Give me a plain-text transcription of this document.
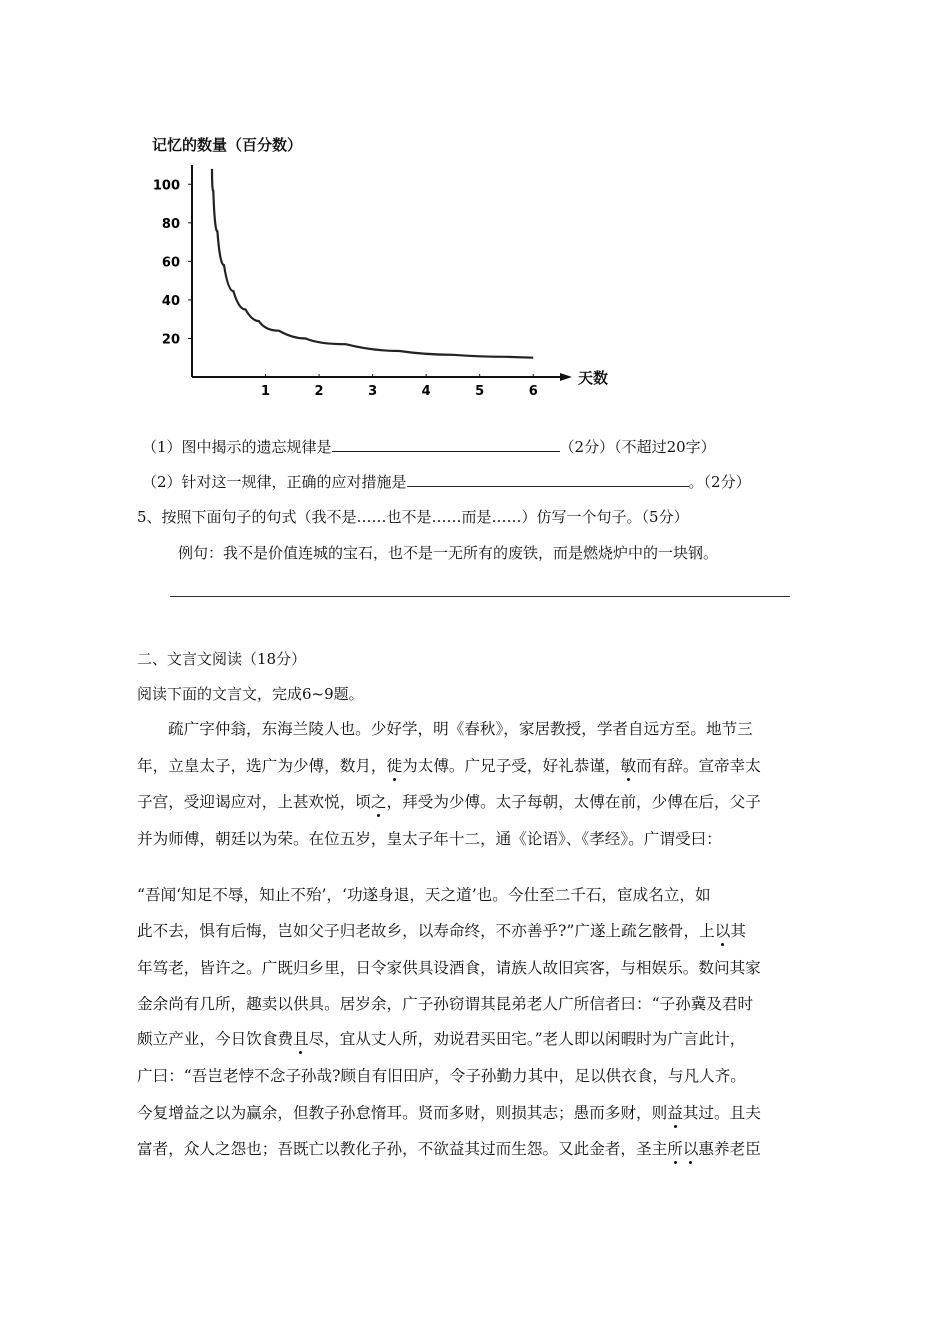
记忆的数量（百分数）
天数
100
80
60
40
20
1	2	3	4	5	6
（1）图中揭示的遗忘规律是	（2分）（不超过20字）
（2）针对这一规律，正确的应对措施是	。（2分）
5、按照下面句子的句式（我不是……也不是……而是……）仿写一个句子。（5分）
例句：我不是价值连城的宝石，也不是一无所有的废铁，而是燃烧炉中的一块钢。
二、文言文阅读（18分）
阅读下面的文言文，完成6~9题。
疏广字仲翁，东海兰陵人也。少好学，明《春秋》，家居教授，学者自远方至。地节三
年，立皇太子，选广为少傅，数月，徙为太傅。广兄子受，好礼恭谨，敏而有辞。宣帝幸太
子宫，受迎谒应对，上甚欢悦，顷之，拜受为少傅。太子每朝，太傅在前，少傅在后，父子
并为师傅，朝廷以为荣。在位五岁，皇太子年十二，通《论语》、《孝经》。广谓受曰：
“吾闻‘知足不辱，知止不殆’，‘功遂身退，天之道’也。今仕至二千石，宦成名立，如
此不去，惧有后悔，岂如父子归老故乡，以寿命终，不亦善乎?”广遂上疏乞骸骨，上以其
年笃老，皆许之。广既归乡里，日令家供具设酒食，请族人故旧宾客，与相娱乐。数问其家
金余尚有几所，趣卖以供具。居岁余，广子孙窃谓其昆弟老人广所信者曰：“子孙冀及君时
颇立产业，今日饮食费且尽，宜从丈人所，劝说君买田宅。”老人即以闲暇时为广言此计，
广曰：“吾岂老悖不念子孙哉?顾自有旧田庐，令子孙勤力其中，足以供衣食，与凡人齐。
今复增益之以为赢余，但教子孙怠惰耳。贤而多财，则损其志；愚而多财，则益其过。且夫
富者，众人之怨也；吾既亡以教化子孙，不欲益其过而生怨。又此金者，圣主所以惠养老臣
